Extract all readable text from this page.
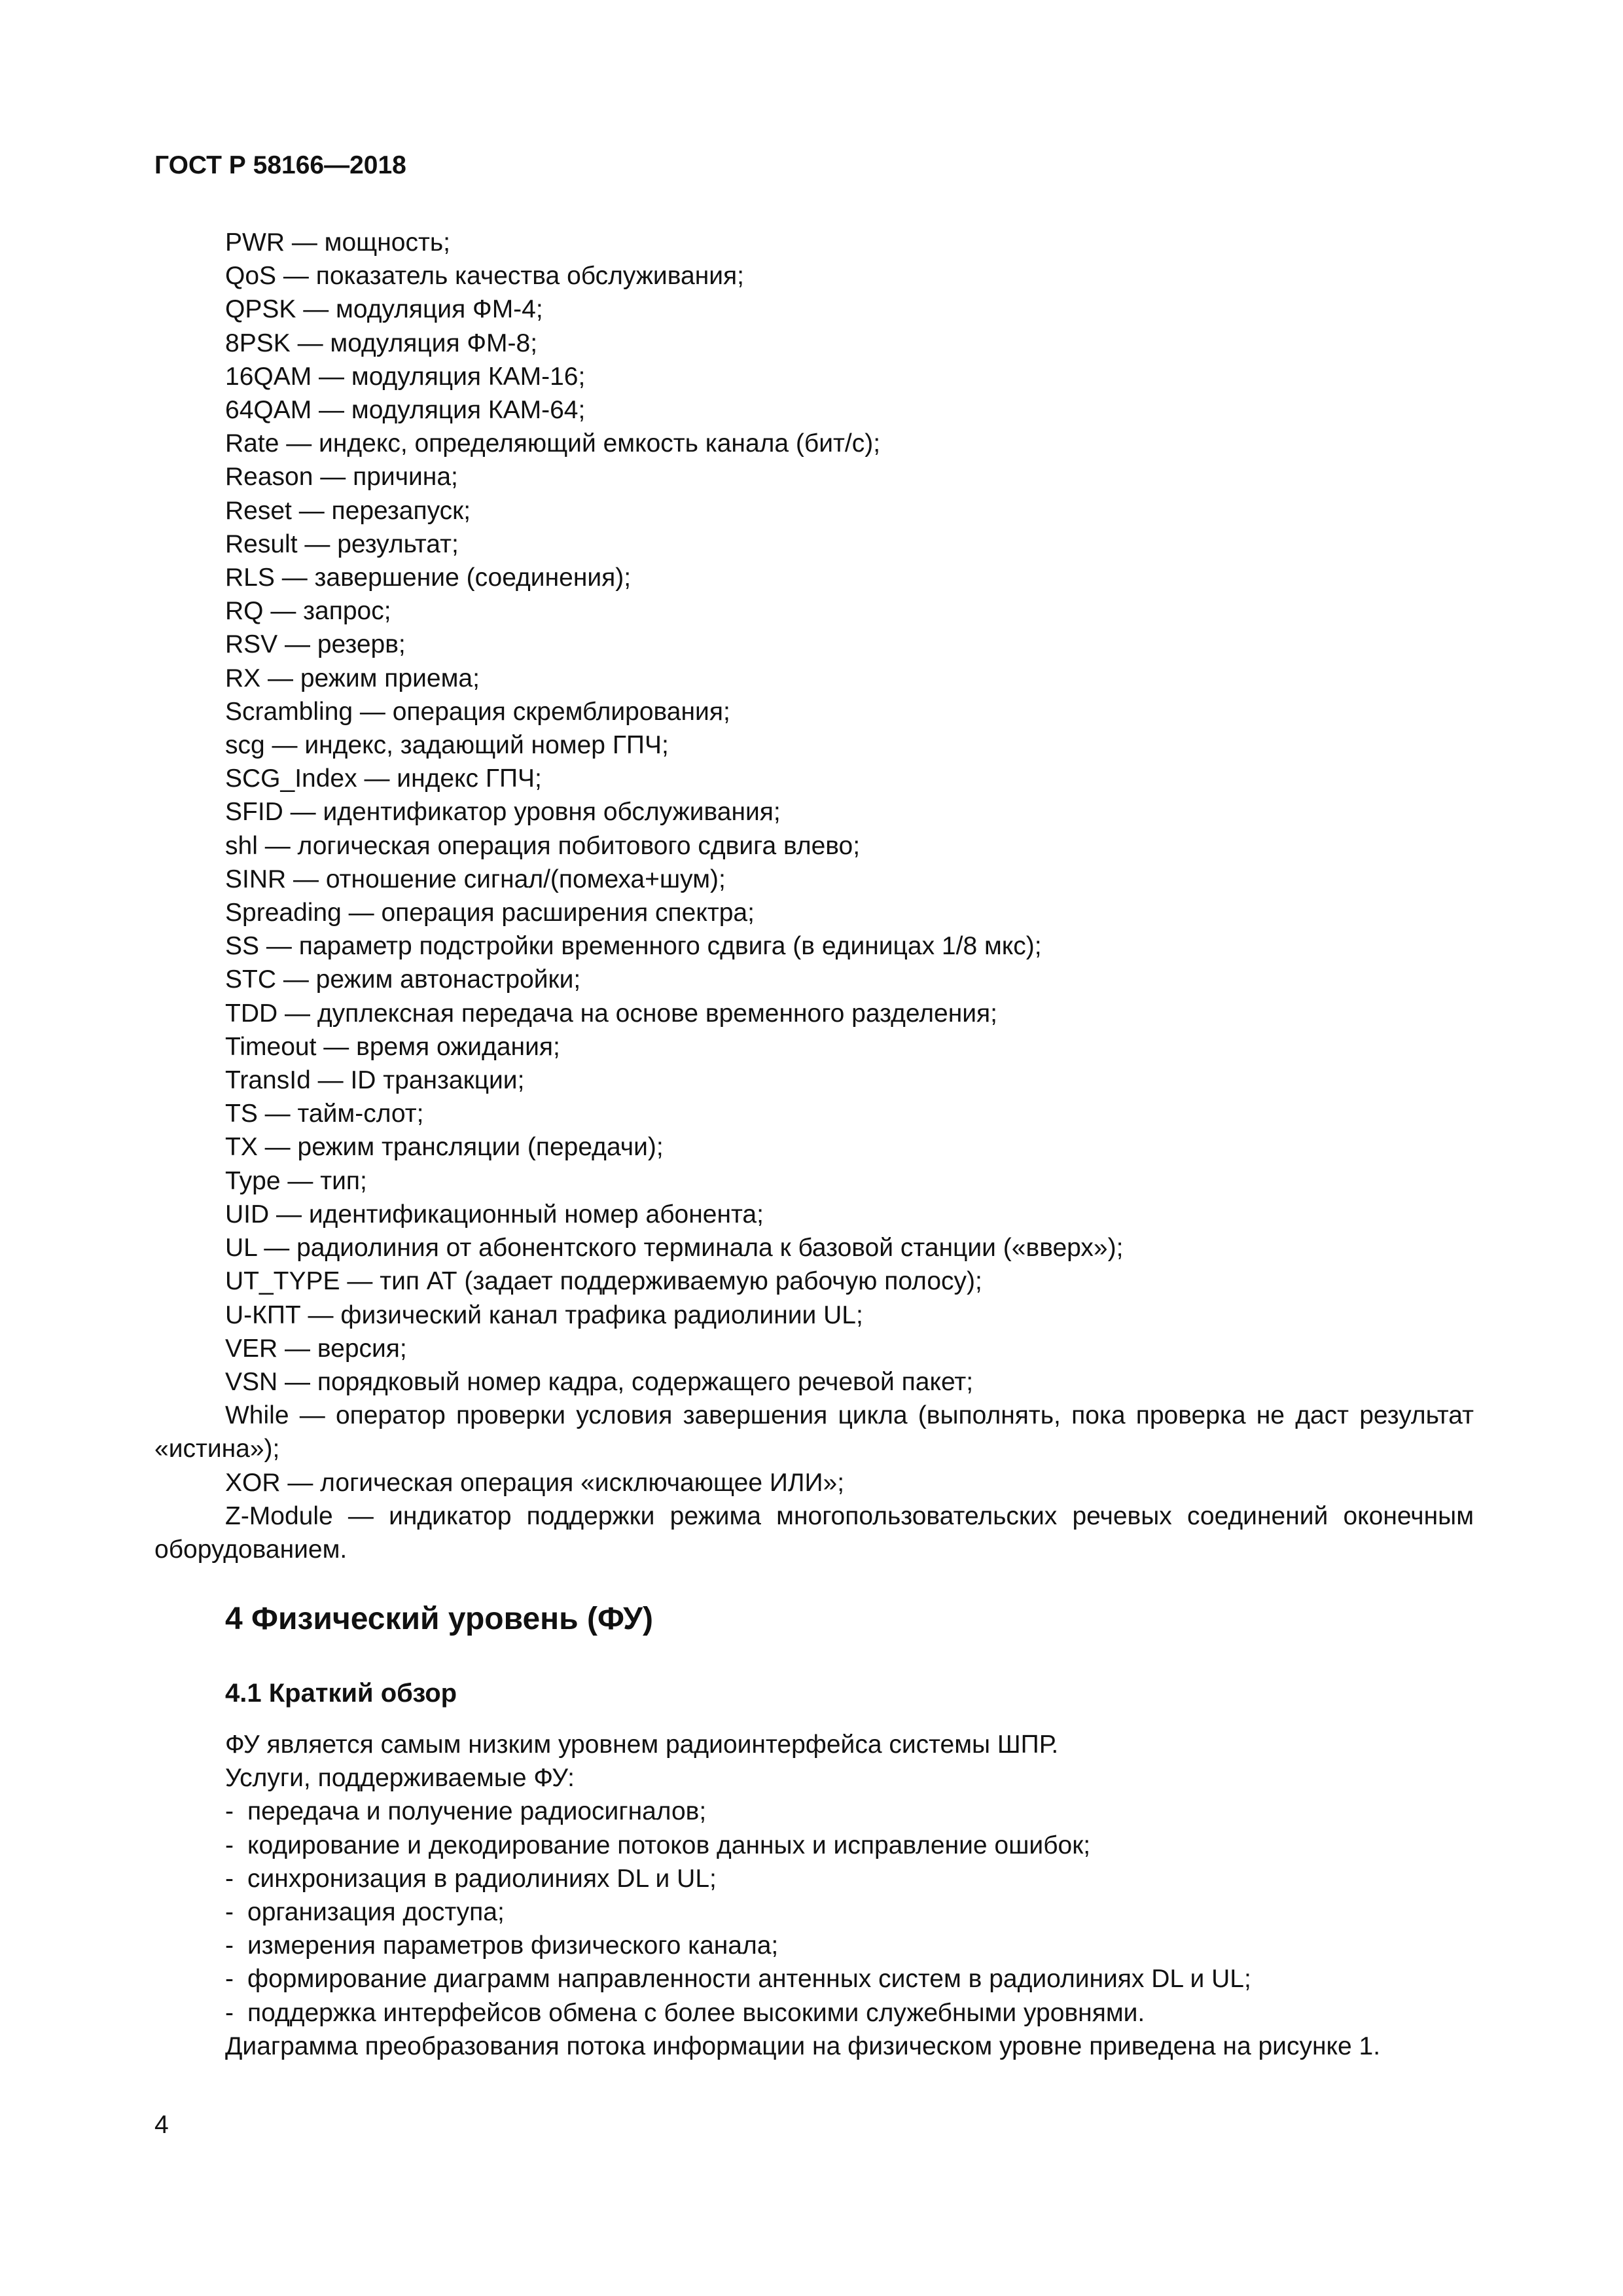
ГОСТ Р 58166—2018
PWR — мощность;
QoS — показатель качества обслуживания;
QPSK — модуляция ФМ-4;
8PSK — модуляция ФМ-8;
16QAM — модуляция КАМ-16;
64QAM — модуляция КАМ-64;
Rate — индекс, определяющий емкость канала (бит/с);
Reason — причина;
Reset — перезапуск;
Result — результат;
RLS — завершение (соединения);
RQ — запрос;
RSV — резерв;
RX — режим приема;
Scrambling — операция скремблирования;
scg — индекс, задающий номер ГПЧ;
SCG_Index — индекс ГПЧ;
SFID — идентификатор уровня обслуживания;
shl — логическая операция побитового сдвига влево;
SINR — отношение сигнал/(помеха+шум);
Spreading — операция расширения спектра;
SS — параметр подстройки временного сдвига (в единицах 1/8 мкс);
STC — режим автонастройки;
TDD — дуплексная передача на основе временного разделения;
Timeout — время ожидания;
TransId — ID транзакции;
TS — тайм-слот;
TX — режим трансляции (передачи);
Type — тип;
UID — идентификационный номер абонента;
UL — радиолиния от абонентского терминала к базовой станции («вверх»);
UT_TYPE — тип АТ (задает поддерживаемую рабочую полосу);
U-КПТ — физический канал трафика радиолинии UL;
VER — версия;
VSN — порядковый номер кадра, содержащего речевой пакет;
While — оператор проверки условия завершения цикла (выполнять, пока проверка не даст результат «истина»);
XOR — логическая операция «исключающее ИЛИ»;
Z-Module — индикатор поддержки режима многопользовательских речевых соединений оконечным оборудованием.
4 Физический уровень (ФУ)
4.1 Краткий обзор

ФУ является самым низким уровнем радиоинтерфейса системы ШПР.

Услуги, поддерживаемые ФУ:

- передача и получение радиосигналов;
- кодирование и декодирование потоков данных и исправление ошибок;
- синхронизация в радиолиниях DL и UL;
- организация доступа;
- измерения параметров физического канала;
- формирование диаграмм направленности антенных систем в радиолиниях DL и UL;
- поддержка интерфейсов обмена с более высокими служебными уровнями.

Диаграмма преобразования потока информации на физическом уровне приведена на рисунке 1.

4
